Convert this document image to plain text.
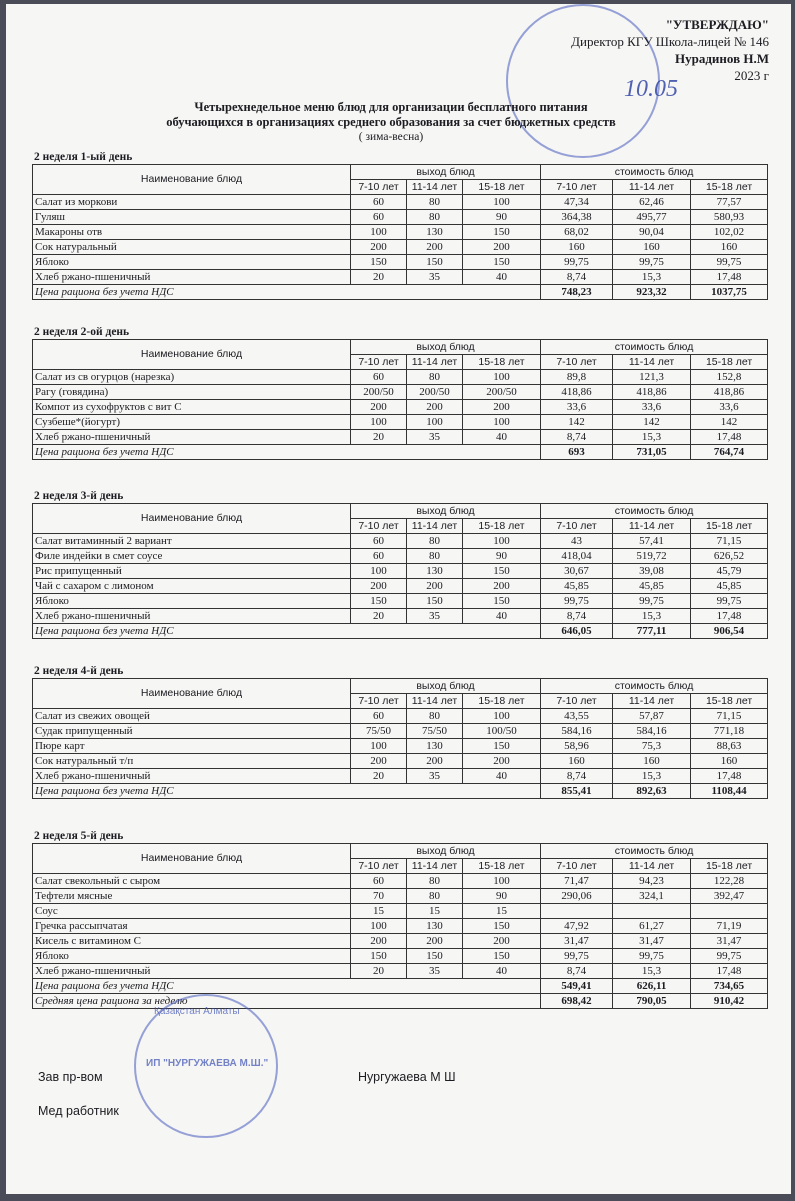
"УТВЕРЖДАЮ"
Директор КГУ Школа-лицей № 146
Нурадинов Н.М
2023 г
10.05
Четырехнедельное меню блюд для организации бесплатного питания
обучающихся в организациях среднего образования за счет бюджетных средств
( зима-весна)
2 неделя 1-ый день
Наименование блюд	выход блюд			стоимость блюд		
	7-10 лет	11-14 лет	15-18 лет	7-10 лет	11-14 лет	15-18 лет
Салат из моркови	60	80	100	47,34	62,46	77,57
Гуляш	60	80	90	364,38	495,77	580,93
Макароны отв	100	130	150	68,02	90,04	102,02
Сок натуральный	200	200	200	160	160	160
Яблоко	150	150	150	99,75	99,75	99,75
Хлеб ржано-пшеничный	20	35	40	8,74	15,3	17,48
Цена рациона без учета НДС				748,23	923,32	1037,75
2 неделя 2-ой день
Наименование блюд	выход блюд			стоимость блюд		
	7-10 лет	11-14 лет	15-18 лет	7-10 лет	11-14 лет	15-18 лет
Салат из св огурцов (нарезка)	60	80	100	89,8	121,3	152,8
Рагу (говядина)	200/50	200/50	200/50	418,86	418,86	418,86
Компот из сухофруктов с вит С	200	200	200	33,6	33,6	33,6
Сузбеше*(йогурт)	100	100	100	142	142	142
Хлеб ржано-пшеничный	20	35	40	8,74	15,3	17,48
Цена рациона без учета НДС				693	731,05	764,74
2 неделя 3-й день
Наименование блюд	выход блюд			стоимость блюд		
	7-10 лет	11-14 лет	15-18 лет	7-10 лет	11-14 лет	15-18 лет
Салат витаминный 2 вариант	60	80	100	43	57,41	71,15
Филе индейки в смет соусе	60	80	90	418,04	519,72	626,52
Рис припущенный	100	130	150	30,67	39,08	45,79
Чай с сахаром с лимоном	200	200	200	45,85	45,85	45,85
Яблоко	150	150	150	99,75	99,75	99,75
Хлеб ржано-пшеничный	20	35	40	8,74	15,3	17,48
Цена рациона без учета НДС				646,05	777,11	906,54
2 неделя 4-й день
Наименование блюд	выход блюд			стоимость блюд		
	7-10 лет	11-14 лет	15-18 лет	7-10 лет	11-14 лет	15-18 лет
Салат из свежих овощей	60	80	100	43,55	57,87	71,15
Судак припущенный	75/50	75/50	100/50	584,16	584,16	771,18
Пюре карт	100	130	150	58,96	75,3	88,63
Сок натуральный т/п	200	200	200	160	160	160
Хлеб ржано-пшеничный	20	35	40	8,74	15,3	17,48
Цена рациона без учета НДС				855,41	892,63	1108,44
2 неделя 5-й день
Наименование блюд	выход блюд			стоимость блюд		
	7-10 лет	11-14 лет	15-18 лет	7-10 лет	11-14 лет	15-18 лет
Салат свекольный с сыром	60	80	100	71,47	94,23	122,28
Тефтели мясные	70	80	90	290,06	324,1	392,47
Соус	15	15	15			
Гречка рассыпчатая	100	130	150	47,92	61,27	71,19
Кисель с витамином С	200	200	200	31,47	31,47	31,47
Яблоко	150	150	150	99,75	99,75	99,75
Хлеб ржано-пшеничный	20	35	40	8,74	15,3	17,48
Цена рациона без учета НДС				549,41	626,11	734,65
Средняя цена рациона за неделю				698,42	790,05	910,42
Қазақстан Алматы
ИП "НУРГУЖАЕВА М.Ш."
Зав пр-вом	Нургужаева М Ш
Мед работник
